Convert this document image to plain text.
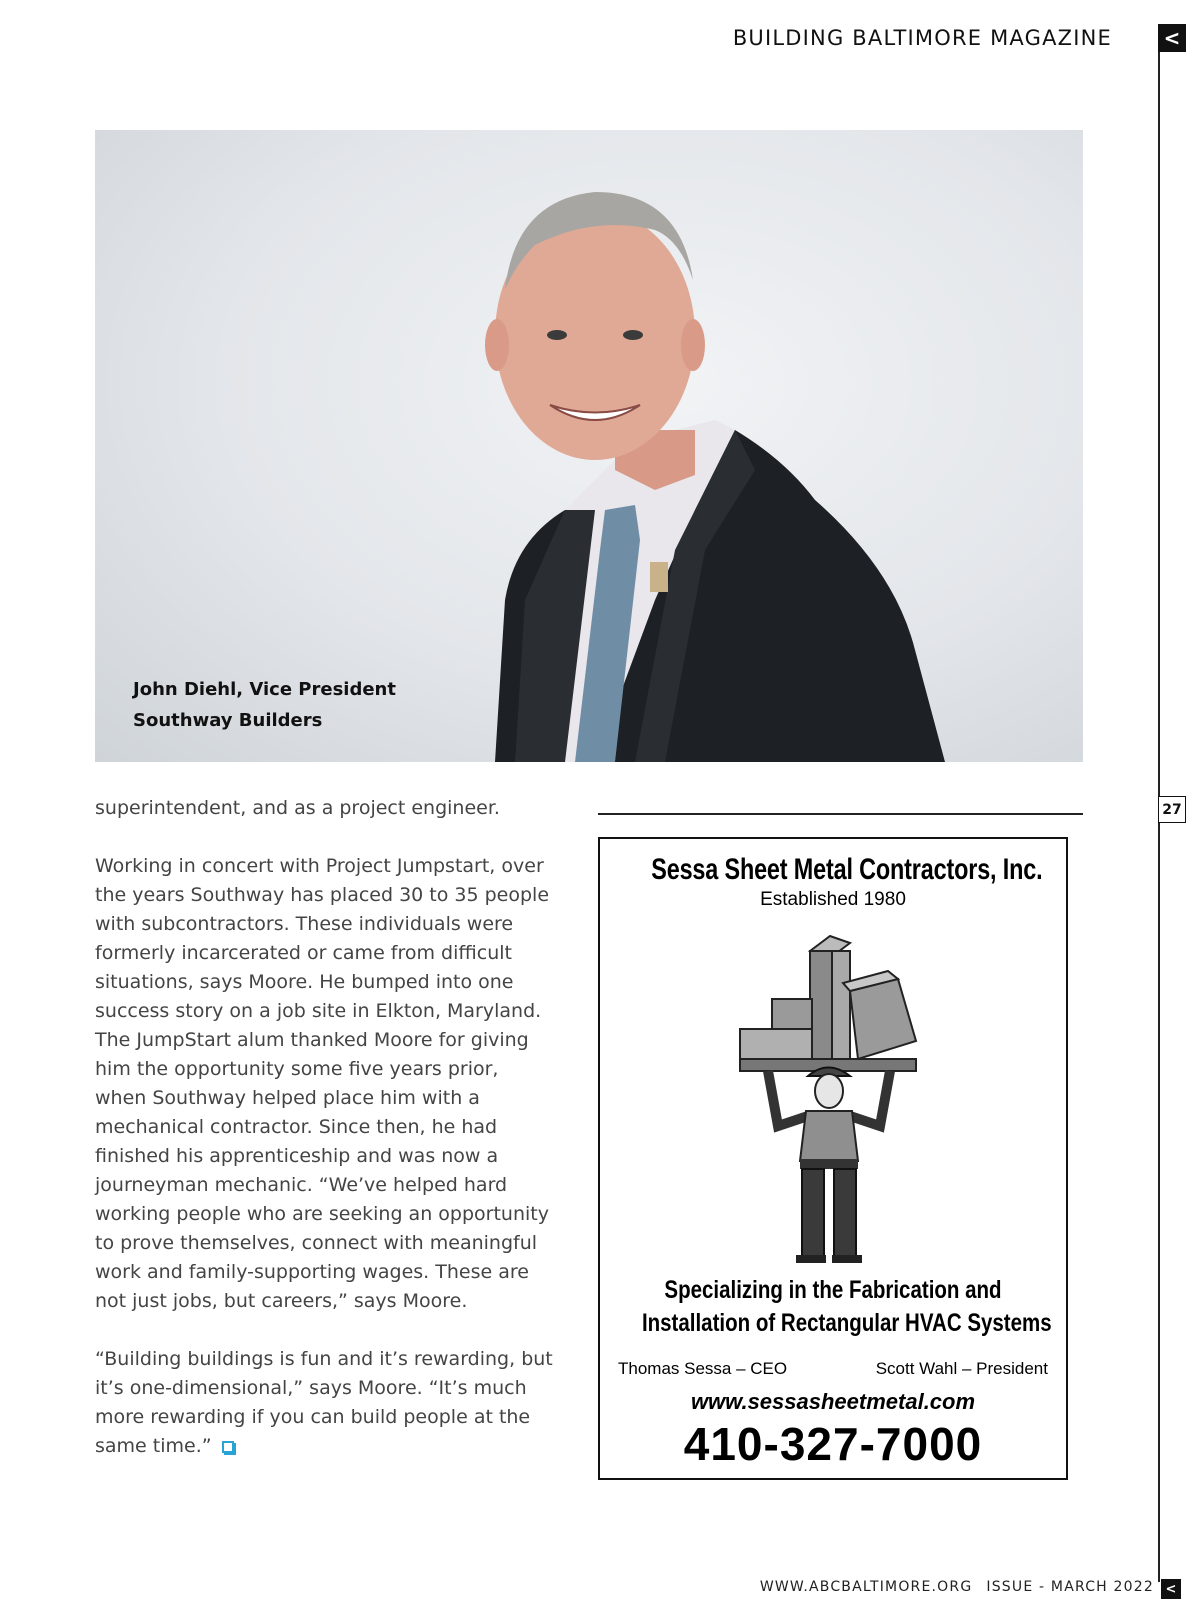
BUILDING BALTIMORE MAGAZINE	<
27
John Diehl, Vice President
Southway Builders

superintendent, and as a project engineer.

Working in concert with Project Jumpstart, over the years Southway has placed 30 to 35 people with subcontractors. These individuals were formerly incarcerated or came from difficult situations, says Moore. He bumped into one success story on a job site in Elkton, Maryland. The JumpStart alum thanked Moore for giving him the opportunity some five years prior, when Southway helped place him with a mechanical contractor. Since then, he had finished his apprenticeship and was now a journeyman mechanic. “We’ve helped hard working people who are seeking an opportunity to prove themselves, connect with meaningful work and family-supporting wages. These are not just jobs, but careers,” says Moore.

“Building buildings is fun and it’s rewarding, but it’s one-dimensional,” says Moore. “It’s much more rewarding if you can build people at the same time.”

Sessa Sheet Metal Contractors, Inc.
Established 1980
Specializing in the Fabrication and
Installation of Rectangular HVAC Systems
Thomas Sessa – CEO	Scott Wahl – President
www.sessasheetmetal.com
410-327-7000
WWW.ABCBALTIMORE.ORG ISSUE - MARCH 2022 <
